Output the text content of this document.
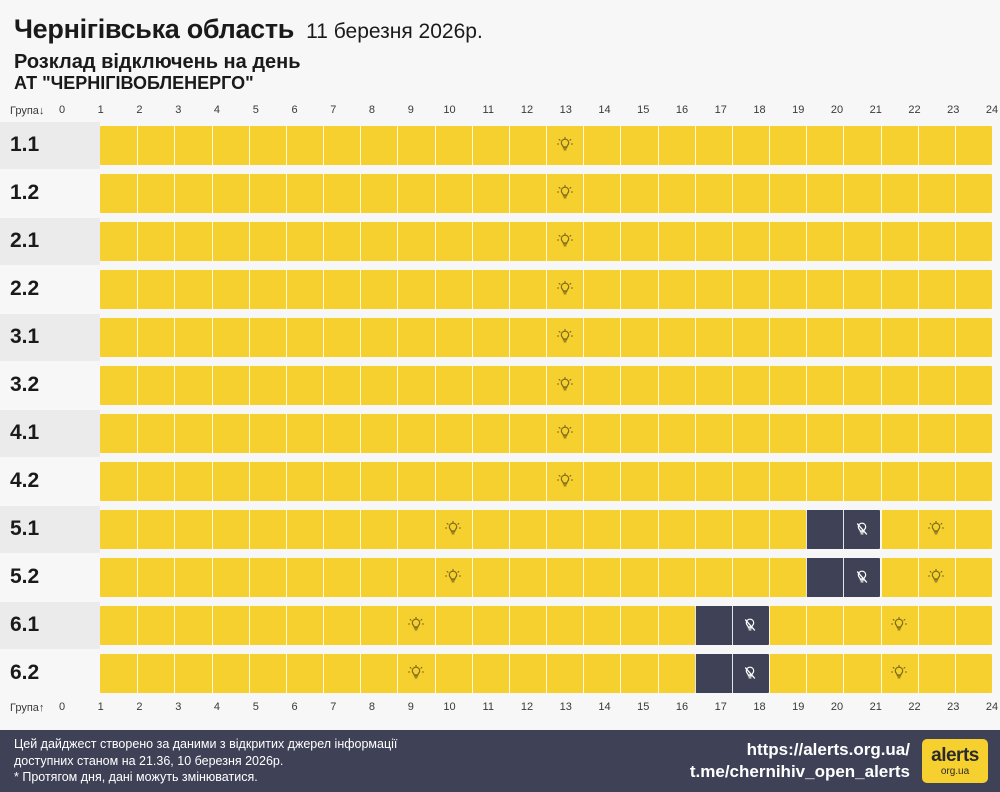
Чернігівська область 11 березня 2026р.
Розклад відключень на день
АТ "ЧЕРНІГІВОБЛЕНЕРГО"
Група↓	0	1	2	3	4	5	6	7	8	9	10 11 12 13 14 15 16 17 18 19 20 21 22 23 24
1.1
1.2
2.1
2.2
3.1
3.2
4.1
4.2
5.1
5.2
6.1
6.2
Група↑	0	1	2	3	4	5	6	7	8	9	10 11 12 13 14 15 16 17 18 19 20 21 22 23 24
Цей дайджест створено за даними з відкритих джерел інформації
доступних станом на 21.36, 10 березня 2026р.
* Протягом дня, дані можуть змінюватися.
https://alerts.org.ua/
t.me/chernihiv_open_alerts
alerts
org.ua
